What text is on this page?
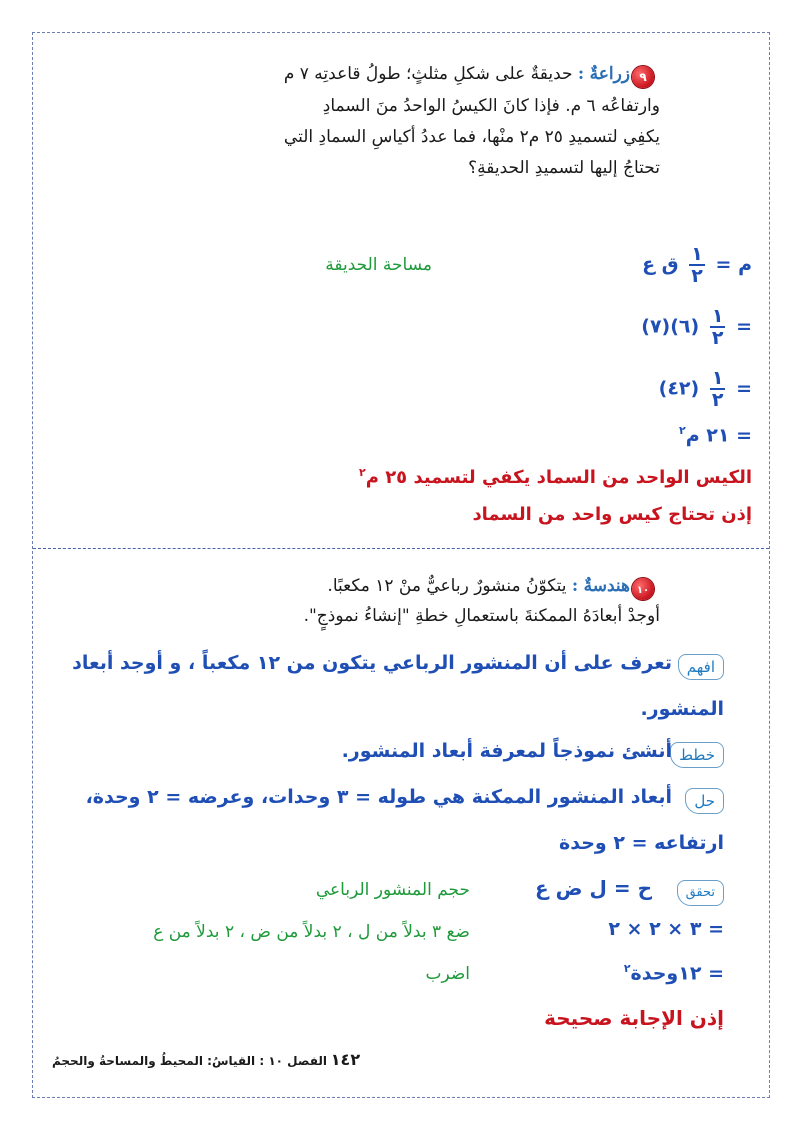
٩
زراعةٌ : حديقةٌ على شكلِ مثلثٍ؛ طولُ قاعدتِه ٧ م
وارتفاعُه ٦ م. فإذا كانَ الكيسُ الواحدُ منَ السمادِ
يكفِي لتسميدِ ٢٥ م٢ منْها، فما عددُ أكياسِ السمادِ التي
تحتاجُ إليها لتسميدِ الحديقةِ؟
م =
$\frac{١}{٢}$
ق ع
مساحة الحديقة
=
$\frac{١}{٢}$
(٦)(٧)
=
$\frac{١}{٢}$
(٤٢)
= ٢١ م$^٢$
الكيس الواحد من السماد يكفي لتسميد ٢٥ م$^٢$
إذن تحتاج كيس واحد من السماد
١٠
هندسةٌ : يتكوّنُ منشورٌ رباعيٌّ منْ ١٢ مكعبًا.
أوجدْ أبعادَهُ الممكنةَ باستعمالِ خطةِ "إنشاءُ نموذجٍ".
افهم
تعرف على أن المنشور الرباعي يتكون من ١٢ مكعباً ، و أوجد أبعاد
المنشور.
خطط
أنشئ نموذجاً لمعرفة أبعاد المنشور.
حل
أبعاد المنشور الممكنة هي طوله = ٣ وحدات، وعرضه = ٢ وحدة،
ارتفاعه = ٢ وحدة
تحقق
ح = ل ض ع
حجم المنشور الرباعي
= ٣ × ٢ × ٢
ضع ٣ بدلاً من ل ، ٢ بدلاً من ض ، ٢ بدلاً من ع
= ١٢وحدة$^٢$
اضرب
إذن الإجابة صحيحة
١٤٢ الفصل ١٠ : القياسُ: المحيطُ والمساحةُ والحجمُ
